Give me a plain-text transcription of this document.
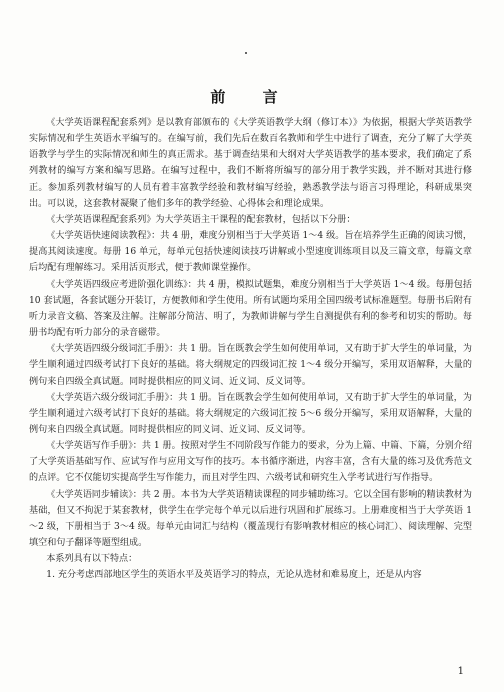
前 言

《大学英语课程配套系列》是以教育部颁布的《大学英语教学大纲（修订本）》为依据，根据大学英语教学实际情况和学生英语水平编写的。在编写前，我们先后在数百名教师和学生中进行了调查，充分了解了大学英语教学与学生的实际情况和师生的真正需求。基于调查结果和大纲对大学英语教学的基本要求，我们确定了系列教材的编写方案和编写思路。在编写过程中，我们不断将所编写的部分用于教学实践，并不断对其进行修正。参加系列教材编写的人员有着丰富教学经验和教材编写经验，熟悉教学法与语言习得理论，科研成果突出。可以说，这套教材凝聚了他们多年的教学经验、心得体会和理论成果。

《大学英语课程配套系列》为大学英语主干课程的配套教材，包括以下分册：

《大学英语快速阅读教程》：共 4 册，难度分别相当于大学英语 1～4 级。旨在培养学生正确的阅读习惯，提高其阅读速度。每册 16 单元，每单元包括快速阅读技巧讲解或小型速度训练项目以及三篇文章，每篇文章后均配有理解练习。采用活页形式，便于教师课堂操作。

《大学英语四级应考进阶强化训练》：共 4 册，模拟试题集，难度分别相当于大学英语 1～4 级。每册包括 10 套试题，各套试题分开装订，方便教师和学生使用。所有试题均采用全国四级考试标准题型。每册书后附有听力录音文稿、答案及注解。注解部分简洁、明了，为教师讲解与学生自测提供有利的参考和切实的帮助。每册书均配有听力部分的录音磁带。

《大学英语四级分级词汇手册》：共 1 册。旨在既教会学生如何使用单词，又有助于扩大学生的单词量，为学生顺利通过四级考试打下良好的基础。将大纲规定的四级词汇按 1～4 级分开编写，采用双语解释，大量的例句来自四级全真试题。同时提供相应的同义词、近义词、反义词等。

《大学英语六级分级词汇手册》：共 1 册。旨在既教会学生如何使用单词，又有助于扩大学生的单词量，为学生顺利通过六级考试打下良好的基础。将大纲规定的六级词汇按 5～6 级分开编写，采用双语解释，大量的例句来自四级全真试题。同时提供相应的同义词、近义词、反义词等。

《大学英语写作手册》：共 1 册。按照对学生不同阶段写作能力的要求，分为上篇、中篇、下篇，分别介绍了大学英语基础写作、应试写作与应用文写作的技巧。本书循序渐进，内容丰富，含有大量的练习及优秀范文的点评。它不仅能切实提高学生写作能力，而且对学生四、六级考试和研究生入学考试进行写作指导。

《大学英语同步辅读》：共 2 册。本书为大学英语精读课程的同步辅助练习。它以全国有影响的精读教材为基础，但又不拘泥于某套教材，供学生在学完每个单元以后进行巩固和扩展练习。上册难度相当于大学英语 1～2 级，下册相当于 3～4 级。每单元由词汇与结构（覆盖现行有影响教材相应的核心词汇）、阅读理解、完型填空和句子翻译等题型组成。

本系列具有以下特点：

1. 充分考虑西部地区学生的英语水平及英语学习的特点，无论从选材和难易度上，还是从内容

1
